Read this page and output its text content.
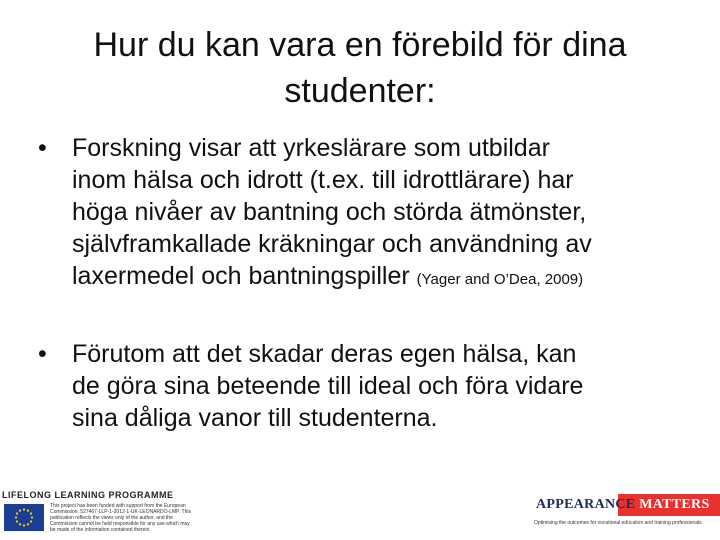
Hur du kan vara en förebild för dina
studenter:
• Forskning visar att yrkeslärare som utbildar
inom hälsa och idrott (t.ex. till idrottlärare) har
höga nivåer av bantning och störda ätmönster,
självframkallade kräkningar och användning av
laxermedel och bantningspiller (Yager and O’Dea, 2009)
• Förutom att det skadar deras egen hälsa, kan
de göra sina beteende till ideal och föra vidare
sina dåliga vanor till studenterna.
LIFELONG LEARNING PROGRAMME
This project has been funded with support from the European Commission. 527467-LLP-1-2012-1-UK-LEONARDO-LMP. This publication reflects the views only of the author, and the Commission cannot be held responsible for any use which may be made of the information contained therein.
APPEARANCE MATTERS
Optimising the outcomes for vocational education and training professionals
